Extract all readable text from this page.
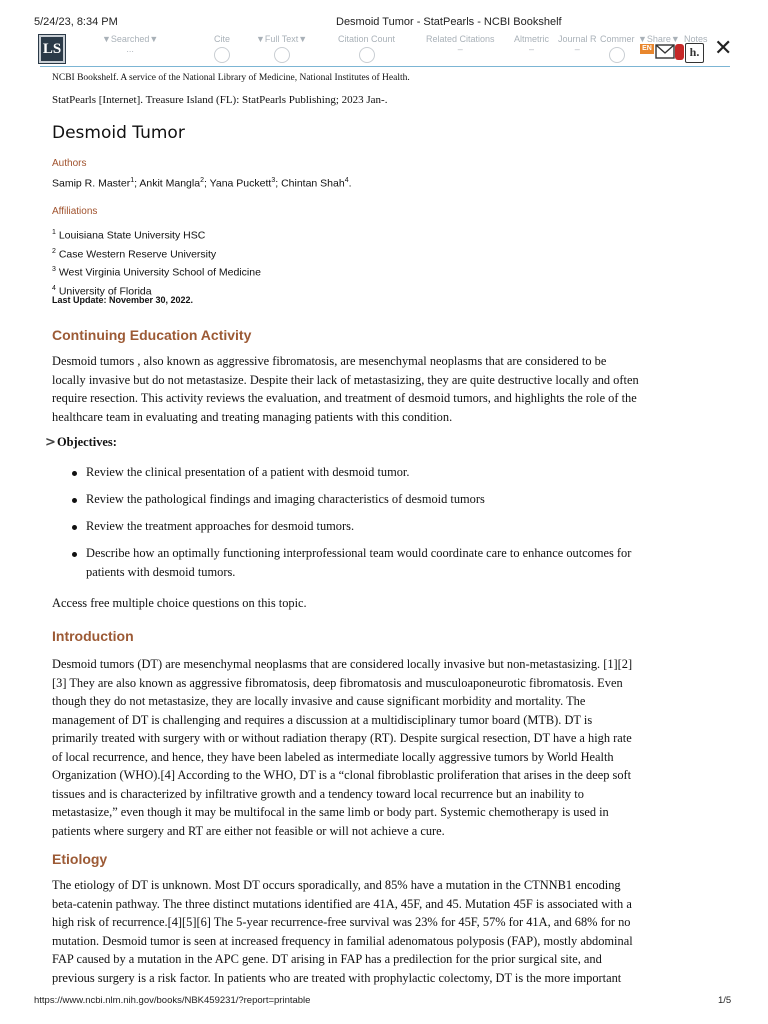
5/24/23, 8:34 PM	Desmoid Tumor - StatPearls - NCBI Bookshelf
LS
▼Searched▼
...
Cite	▼Full Text▼	Citation Count	Related Citations
–
Altmetric
–
Journal R
–
Commer ▼Share▼ Notes
EN	h. ✕
NCBI Bookshelf. A service of the National Library of Medicine, National Institutes of Health.
StatPearls [Internet]. Treasure Island (FL): StatPearls Publishing; 2023 Jan-.
Desmoid Tumor
Authors
Samip R. Master$^1$; Ankit Mangla$^2$; Yana Puckett$^3$; Chintan Shah$^4$.
Affiliations
$^1$ Louisiana State University HSC
$^2$ Case Western Reserve University
$^3$ West Virginia University School of Medicine
$^4$ University of Florida
Last Update: November 30, 2022.
Continuing Education Activity
Desmoid tumors , also known as aggressive fibromatosis, are mesenchymal neoplasms that are considered to be
locally invasive but do not metastasize. Despite their lack of metastasizing, they are quite destructive locally and often
require resection. This activity reviews the evaluation, and treatment of desmoid tumors, and highlights the role of the
healthcare team in evaluating and treating managing patients with this condition.
> Objectives:
Review the clinical presentation of a patient with desmoid tumor.
Review the pathological findings and imaging characteristics of desmoid tumors
Review the treatment approaches for desmoid tumors.
Describe how an optimally functioning interprofessional team would coordinate care to enhance outcomes for
patients with desmoid tumors.
Access free multiple choice questions on this topic.
Introduction
Desmoid tumors (DT) are mesenchymal neoplasms that are considered locally invasive but non-metastasizing. [1][2]
[3] They are also known as aggressive fibromatosis, deep fibromatosis and musculoaponeurotic fibromatosis. Even
though they do not metastasize, they are locally invasive and cause significant morbidity and mortality. The
management of DT is challenging and requires a discussion at a multidisciplinary tumor board (MTB). DT is
primarily treated with surgery with or without radiation therapy (RT). Despite surgical resection, DT have a high rate
of local recurrence, and hence, they have been labeled as intermediate locally aggressive tumors by World Health
Organization (WHO).[4] According to the WHO, DT is a “clonal fibroblastic proliferation that arises in the deep soft
tissues and is characterized by infiltrative growth and a tendency toward local recurrence but an inability to
metastasize,” even though it may be multifocal in the same limb or body part. Systemic chemotherapy is used in
patients where surgery and RT are either not feasible or will not achieve a cure.
Etiology
The etiology of DT is unknown. Most DT occurs sporadically, and 85% have a mutation in the CTNNB1 encoding
beta-catenin pathway. The three distinct mutations identified are 41A, 45F, and 45. Mutation 45F is associated with a
high risk of recurrence.[4][5][6] The 5-year recurrence-free survival was 23% for 45F, 57% for 41A, and 68% for no
mutation. Desmoid tumor is seen at increased frequency in familial adenomatous polyposis (FAP), mostly abdominal
FAP caused by a mutation in the APC gene. DT arising in FAP has a predilection for the prior surgical site, and
previous surgery is a risk factor. In patients who are treated with prophylactic colectomy, DT is the more important
https://www.ncbi.nlm.nih.gov/books/NBK459231/?report=printable	1/5
